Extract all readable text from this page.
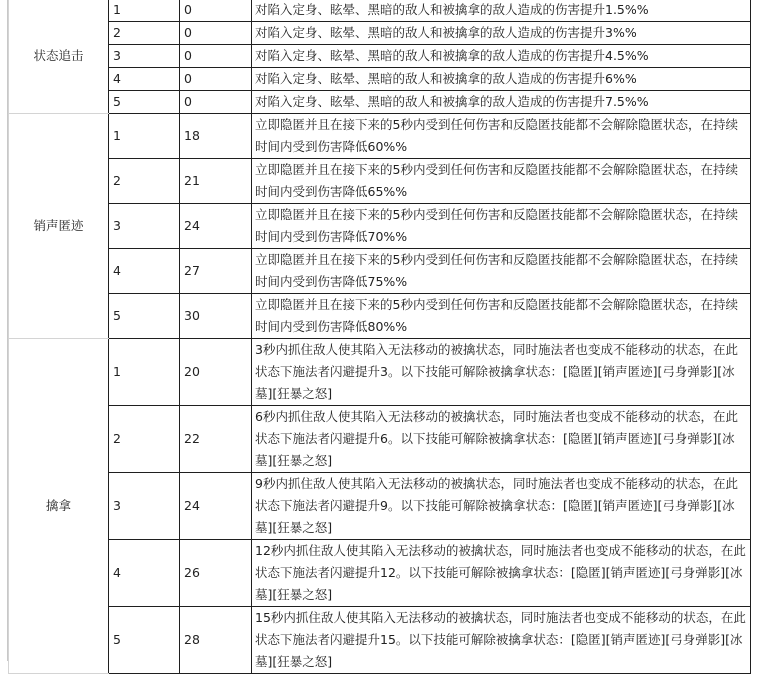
状态追击	1	0	对陷入定身、眩晕、黑暗的敌人和被擒拿的敌人造成的伤害提升1.5%%
	2	0	对陷入定身、眩晕、黑暗的敌人和被擒拿的敌人造成的伤害提升3%%
	3	0	对陷入定身、眩晕、黑暗的敌人和被擒拿的敌人造成的伤害提升4.5%%
	4	0	对陷入定身、眩晕、黑暗的敌人和被擒拿的敌人造成的伤害提升6%%
	5	0	对陷入定身、眩晕、黑暗的敌人和被擒拿的敌人造成的伤害提升7.5%%
销声匿迹	1	18	立即隐匿并且在接下来的5秒内受到任何伤害和反隐匿技能都不会解除隐匿状态，在持续时间内受到伤害降低60%%
	2	21	立即隐匿并且在接下来的5秒内受到任何伤害和反隐匿技能都不会解除隐匿状态，在持续时间内受到伤害降低65%%
	3	24	立即隐匿并且在接下来的5秒内受到任何伤害和反隐匿技能都不会解除隐匿状态，在持续时间内受到伤害降低70%%
	4	27	立即隐匿并且在接下来的5秒内受到任何伤害和反隐匿技能都不会解除隐匿状态，在持续时间内受到伤害降低75%%
	5	30	立即隐匿并且在接下来的5秒内受到任何伤害和反隐匿技能都不会解除隐匿状态，在持续时间内受到伤害降低80%%
擒拿	1	20	3秒内抓住敌人使其陷入无法移动的被擒状态，同时施法者也变成不能移动的状态，在此状态下施法者闪避提升3。以下技能可解除被擒拿状态：[隐匿][销声匿迹][弓身弹影][冰墓][狂暴之怒]
	2	22	6秒内抓住敌人使其陷入无法移动的被擒状态，同时施法者也变成不能移动的状态，在此状态下施法者闪避提升6。以下技能可解除被擒拿状态：[隐匿][销声匿迹][弓身弹影][冰墓][狂暴之怒]
	3	24	9秒内抓住敌人使其陷入无法移动的被擒状态，同时施法者也变成不能移动的状态，在此状态下施法者闪避提升9。以下技能可解除被擒拿状态：[隐匿][销声匿迹][弓身弹影][冰墓][狂暴之怒]
	4	26	12秒内抓住敌人使其陷入无法移动的被擒状态，同时施法者也变成不能移动的状态，在此状态下施法者闪避提升12。以下技能可解除被擒拿状态：[隐匿][销声匿迹][弓身弹影][冰墓][狂暴之怒]
	5	28	15秒内抓住敌人使其陷入无法移动的被擒状态，同时施法者也变成不能移动的状态，在此状态下施法者闪避提升15。以下技能可解除被擒拿状态：[隐匿][销声匿迹][弓身弹影][冰墓][狂暴之怒]
